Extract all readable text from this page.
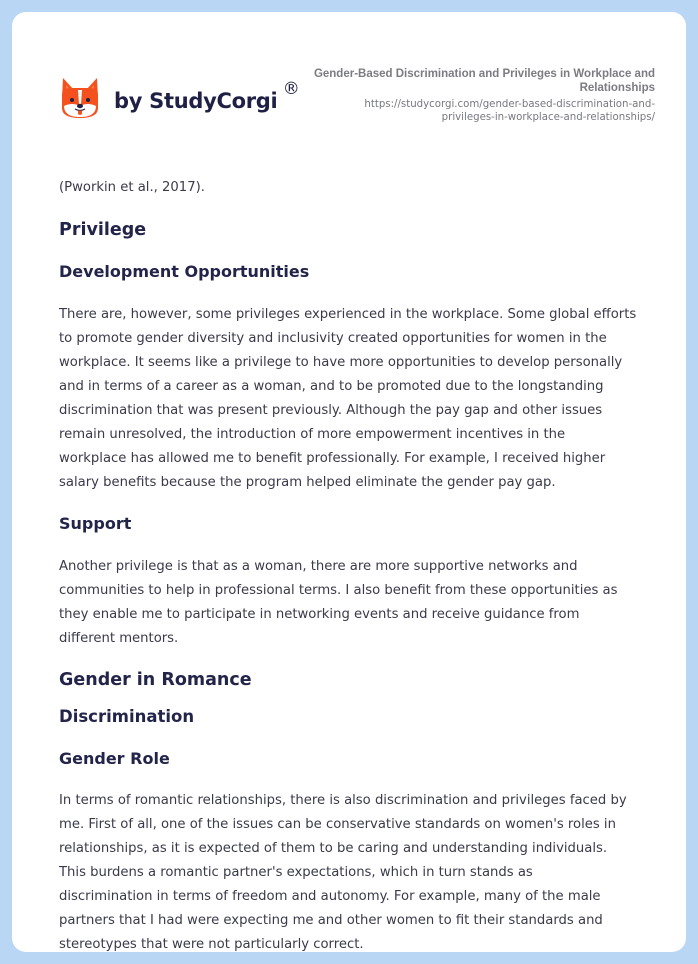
by StudyCorgi ®
Gender-Based Discrimination and Privileges in Workplace and Relationships
https://studycorgi.com/gender-based-discrimination-and-
privileges-in-workplace-and-relationships/

(Pworkin et al., 2017).

Privilege
Development Opportunities

There are, however, some privileges experienced in the workplace. Some global efforts

to promote gender diversity and inclusivity created opportunities for women in the

workplace. It seems like a privilege to have more opportunities to develop personally

and in terms of a career as a woman, and to be promoted due to the longstanding

discrimination that was present previously. Although the pay gap and other issues

remain unresolved, the introduction of more empowerment incentives in the

workplace has allowed me to benefit professionally. For example, I received higher

salary benefits because the program helped eliminate the gender pay gap.

Support

Another privilege is that as a woman, there are more supportive networks and

communities to help in professional terms. I also benefit from these opportunities as

they enable me to participate in networking events and receive guidance from

different mentors.

Gender in Romance
Discrimination
Gender Role

In terms of romantic relationships, there is also discrimination and privileges faced by

me. First of all, one of the issues can be conservative standards on women's roles in

relationships, as it is expected of them to be caring and understanding individuals.

This burdens a romantic partner's expectations, which in turn stands as

discrimination in terms of freedom and autonomy. For example, many of the male

partners that I had were expecting me and other women to fit their standards and

stereotypes that were not particularly correct.
